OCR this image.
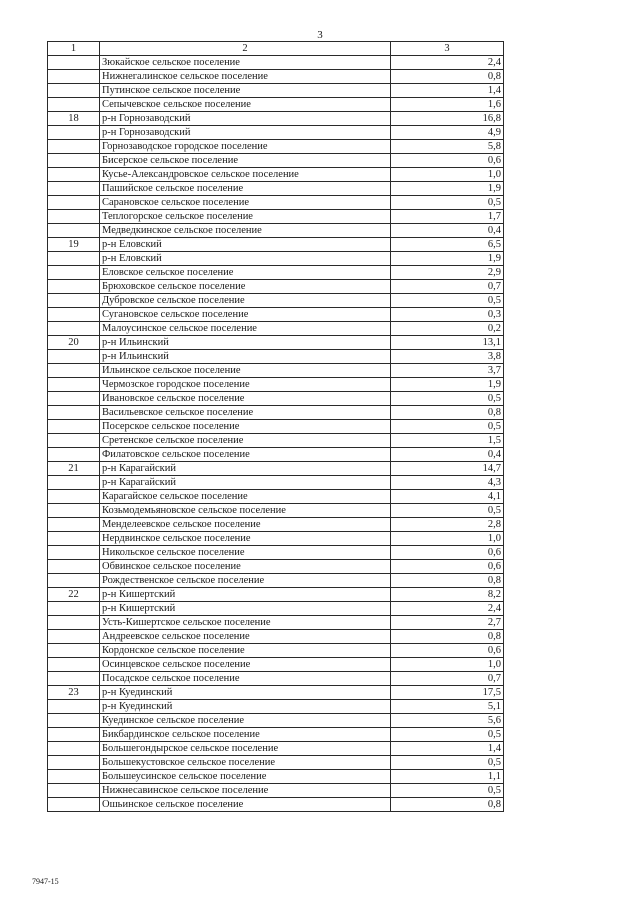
3
1	2	3
	Зюкайское сельское поселение	2,4
	Нижнегалинское сельское поселение	0,8
	Путинское сельское поселение	1,4
	Сепычевское сельское поселение	1,6
18	р-н Горнозаводский	16,8
	р-н Горнозаводский	4,9
	Горнозаводское городское поселение	5,8
	Бисерское сельское поселение	0,6
	Кусье-Александровское сельское поселение	1,0
	Пашийское сельское поселение	1,9
	Сарановское сельское поселение	0,5
	Теплогорское сельское поселение	1,7
	Медведкинское сельское поселение	0,4
19	р-н Еловский	6,5
	р-н Еловский	1,9
	Еловское сельское поселение	2,9
	Брюховское сельское поселение	0,7
	Дубровское сельское поселение	0,5
	Сугановское сельское поселение	0,3
	Малоусинское сельское поселение	0,2
20	р-н Ильинский	13,1
	р-н Ильинский	3,8
	Ильинское сельское поселение	3,7
	Чермозское городское поселение	1,9
	Ивановское сельское поселение	0,5
	Васильевское сельское поселение	0,8
	Посерское сельское поселение	0,5
	Сретенское сельское поселение	1,5
	Филатовское сельское поселение	0,4
21	р-н Карагайский	14,7
	р-н Карагайский	4,3
	Карагайское сельское поселение	4,1
	Козьмодемьяновское сельское поселение	0,5
	Менделеевское сельское поселение	2,8
	Нердвинское сельское поселение	1,0
	Никольское сельское поселение	0,6
	Обвинское сельское поселение	0,6
	Рождественское сельское поселение	0,8
22	р-н Кишертский	8,2
	р-н Кишертский	2,4
	Усть-Кишертское сельское поселение	2,7
	Андреевское сельское поселение	0,8
	Кордонское сельское поселение	0,6
	Осинцевское сельское поселение	1,0
	Посадское сельское поселение	0,7
23	р-н Куединский	17,5
	р-н Куединский	5,1
	Куединское сельское поселение	5,6
	Бикбардинское сельское поселение	0,5
	Большегондырское сельское поселение	1,4
	Большекустовское сельское поселение	0,5
	Большеусинское сельское поселение	1,1
	Нижнесавинское сельское поселение	0,5
	Ошьинское сельское поселение	0,8
7947-15
